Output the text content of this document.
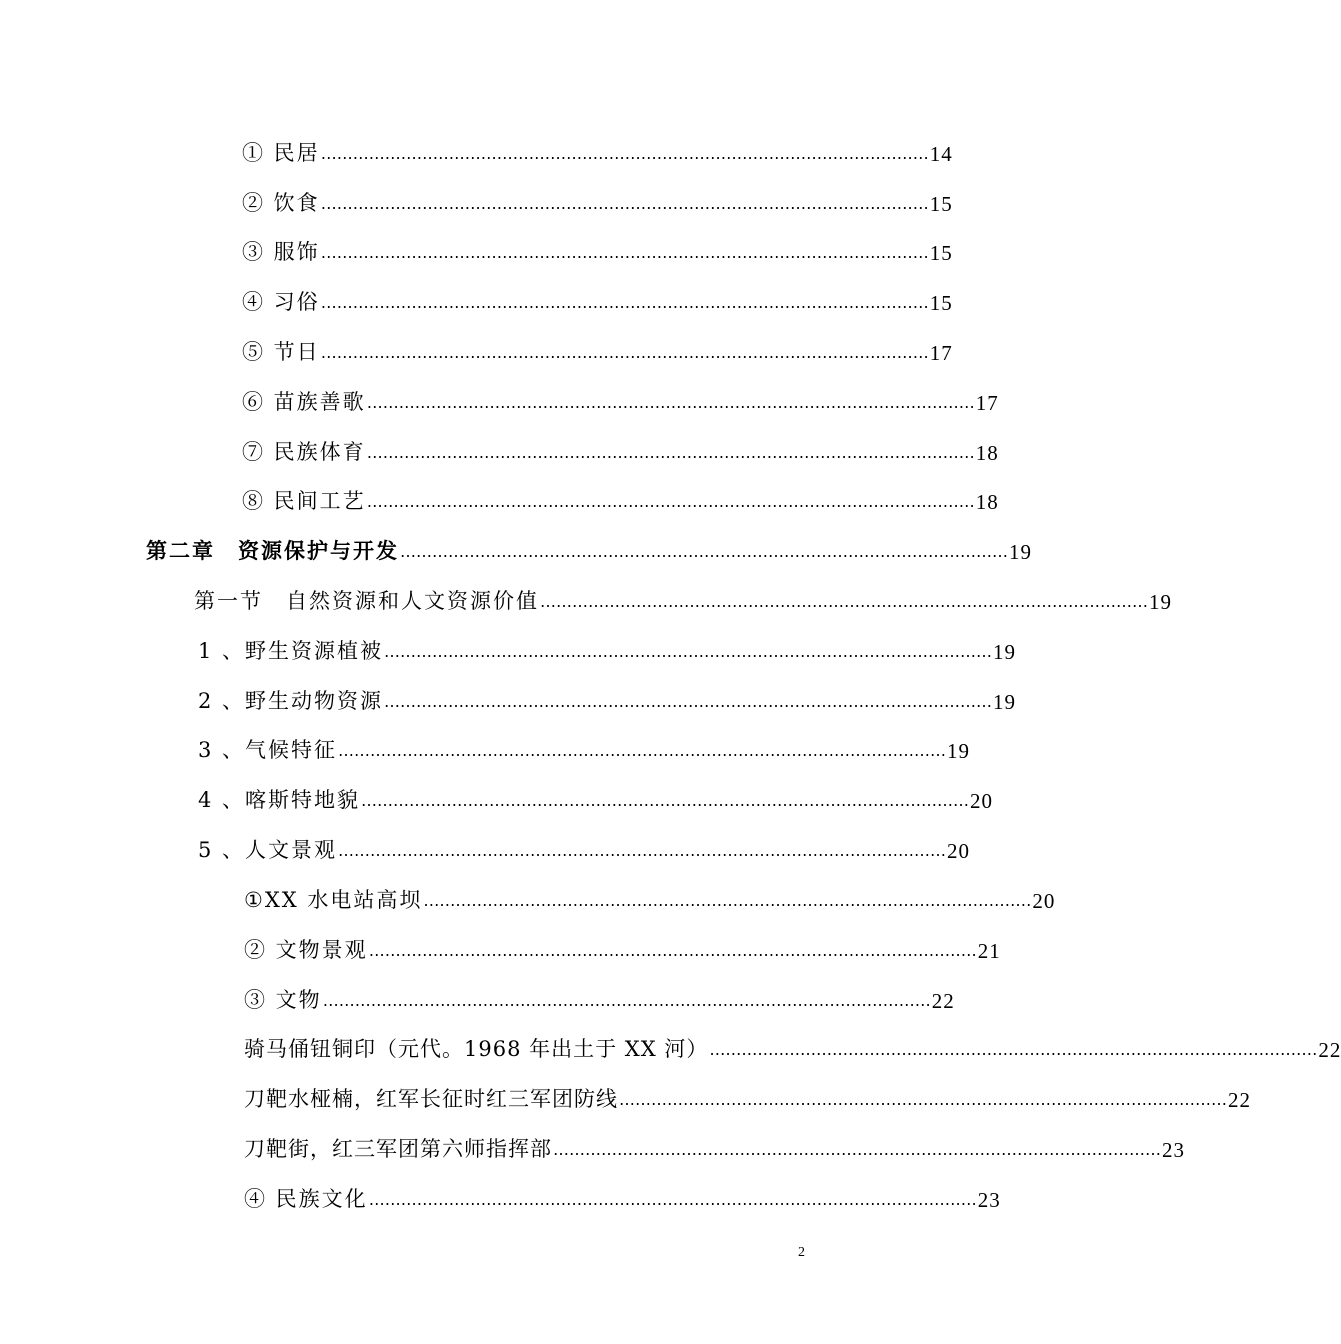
① 民居 …………………………………………………………………………………………………… 14
② 饮食 …………………………………………………………………………………………………… 15
③ 服饰 …………………………………………………………………………………………………… 15
④ 习俗 …………………………………………………………………………………………………… 15
⑤ 节日 …………………………………………………………………………………………………… 17
⑥ 苗族善歌 …………………………………………………………………………………………………… 17
⑦ 民族体育 …………………………………………………………………………………………………… 18
⑧ 民间工艺 …………………………………………………………………………………………………… 18
第二章　资源保护与开发 …………………………………………………………………………………………………… 19
第一节　自然资源和人文资源价值 …………………………………………………………………………………………………… 19
1 、野生资源植被 …………………………………………………………………………………………………… 19
2 、野生动物资源 …………………………………………………………………………………………………… 19
3 、气候特征 …………………………………………………………………………………………………… 19
4 、喀斯特地貌 …………………………………………………………………………………………………… 20
5 、人文景观 …………………………………………………………………………………………………… 20
①XX 水电站高坝 …………………………………………………………………………………………………… 20
② 文物景观 …………………………………………………………………………………………………… 21
③ 文物 …………………………………………………………………………………………………… 22
骑马俑钮铜印（元代。1968 年出土于 XX 河） …………………………………………………………………………………………………… 22
刀靶水桠楠，红军长征时红三军团防线 …………………………………………………………………………………………………… 22
刀靶街，红三军团第六师指挥部 …………………………………………………………………………………………………… 23
④ 民族文化 …………………………………………………………………………………………………… 23
2
